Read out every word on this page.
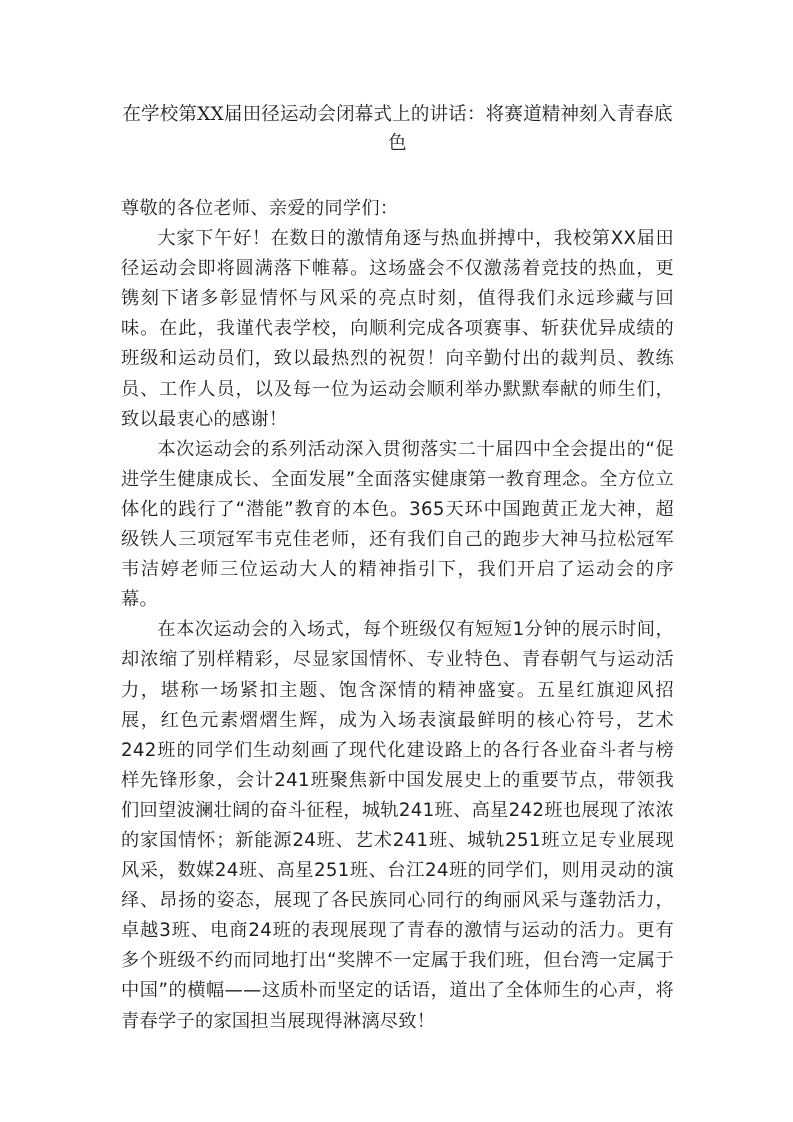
在学校第XX届田径运动会闭幕式上的讲话：将赛道精神刻入青春底色

尊敬的各位老师、亲爱的同学们：

大家下午好！在数日的激情角逐与热血拼搏中，我校第XX届田径运动会即将圆满落下帷幕。这场盛会不仅激荡着竞技的热血，更镌刻下诸多彰显情怀与风采的亮点时刻，值得我们永远珍藏与回味。在此，我谨代表学校，向顺利完成各项赛事、斩获优异成绩的班级和运动员们，致以最热烈的祝贺！向辛勤付出的裁判员、教练员、工作人员，以及每一位为运动会顺利举办默默奉献的师生们，致以最衷心的感谢！

本次运动会的系列活动深入贯彻落实二十届四中全会提出的“促进学生健康成长、全面发展”全面落实健康第一教育理念。全方位立体化的践行了“潜能”教育的本色。365天环中国跑黄正龙大神，超级铁人三项冠军韦克佳老师，还有我们自己的跑步大神马拉松冠军韦洁婷老师三位运动大人的精神指引下，我们开启了运动会的序幕。

在本次运动会的入场式，每个班级仅有短短1分钟的展示时间，却浓缩了别样精彩，尽显家国情怀、专业特色、青春朝气与运动活力，堪称一场紧扣主题、饱含深情的精神盛宴。五星红旗迎风招展，红色元素熠熠生辉，成为入场表演最鲜明的核心符号，艺术242班的同学们生动刻画了现代化建设路上的各行各业奋斗者与榜样先锋形象，会计241班聚焦新中国发展史上的重要节点，带领我们回望波澜壮阔的奋斗征程，城轨241班、高星242班也展现了浓浓的家国情怀；新能源24班、艺术241班、城轨251班立足专业展现风采，数媒24班、高星251班、台江24班的同学们，则用灵动的演绎、昂扬的姿态，展现了各民族同心同行的绚丽风采与蓬勃活力，卓越3班、电商24班的表现展现了青春的激情与运动的活力。更有多个班级不约而同地打出“奖牌不一定属于我们班，但台湾一定属于中国”的横幅——这质朴而坚定的话语，道出了全体师生的心声，将青春学子的家国担当展现得淋漓尽致！
